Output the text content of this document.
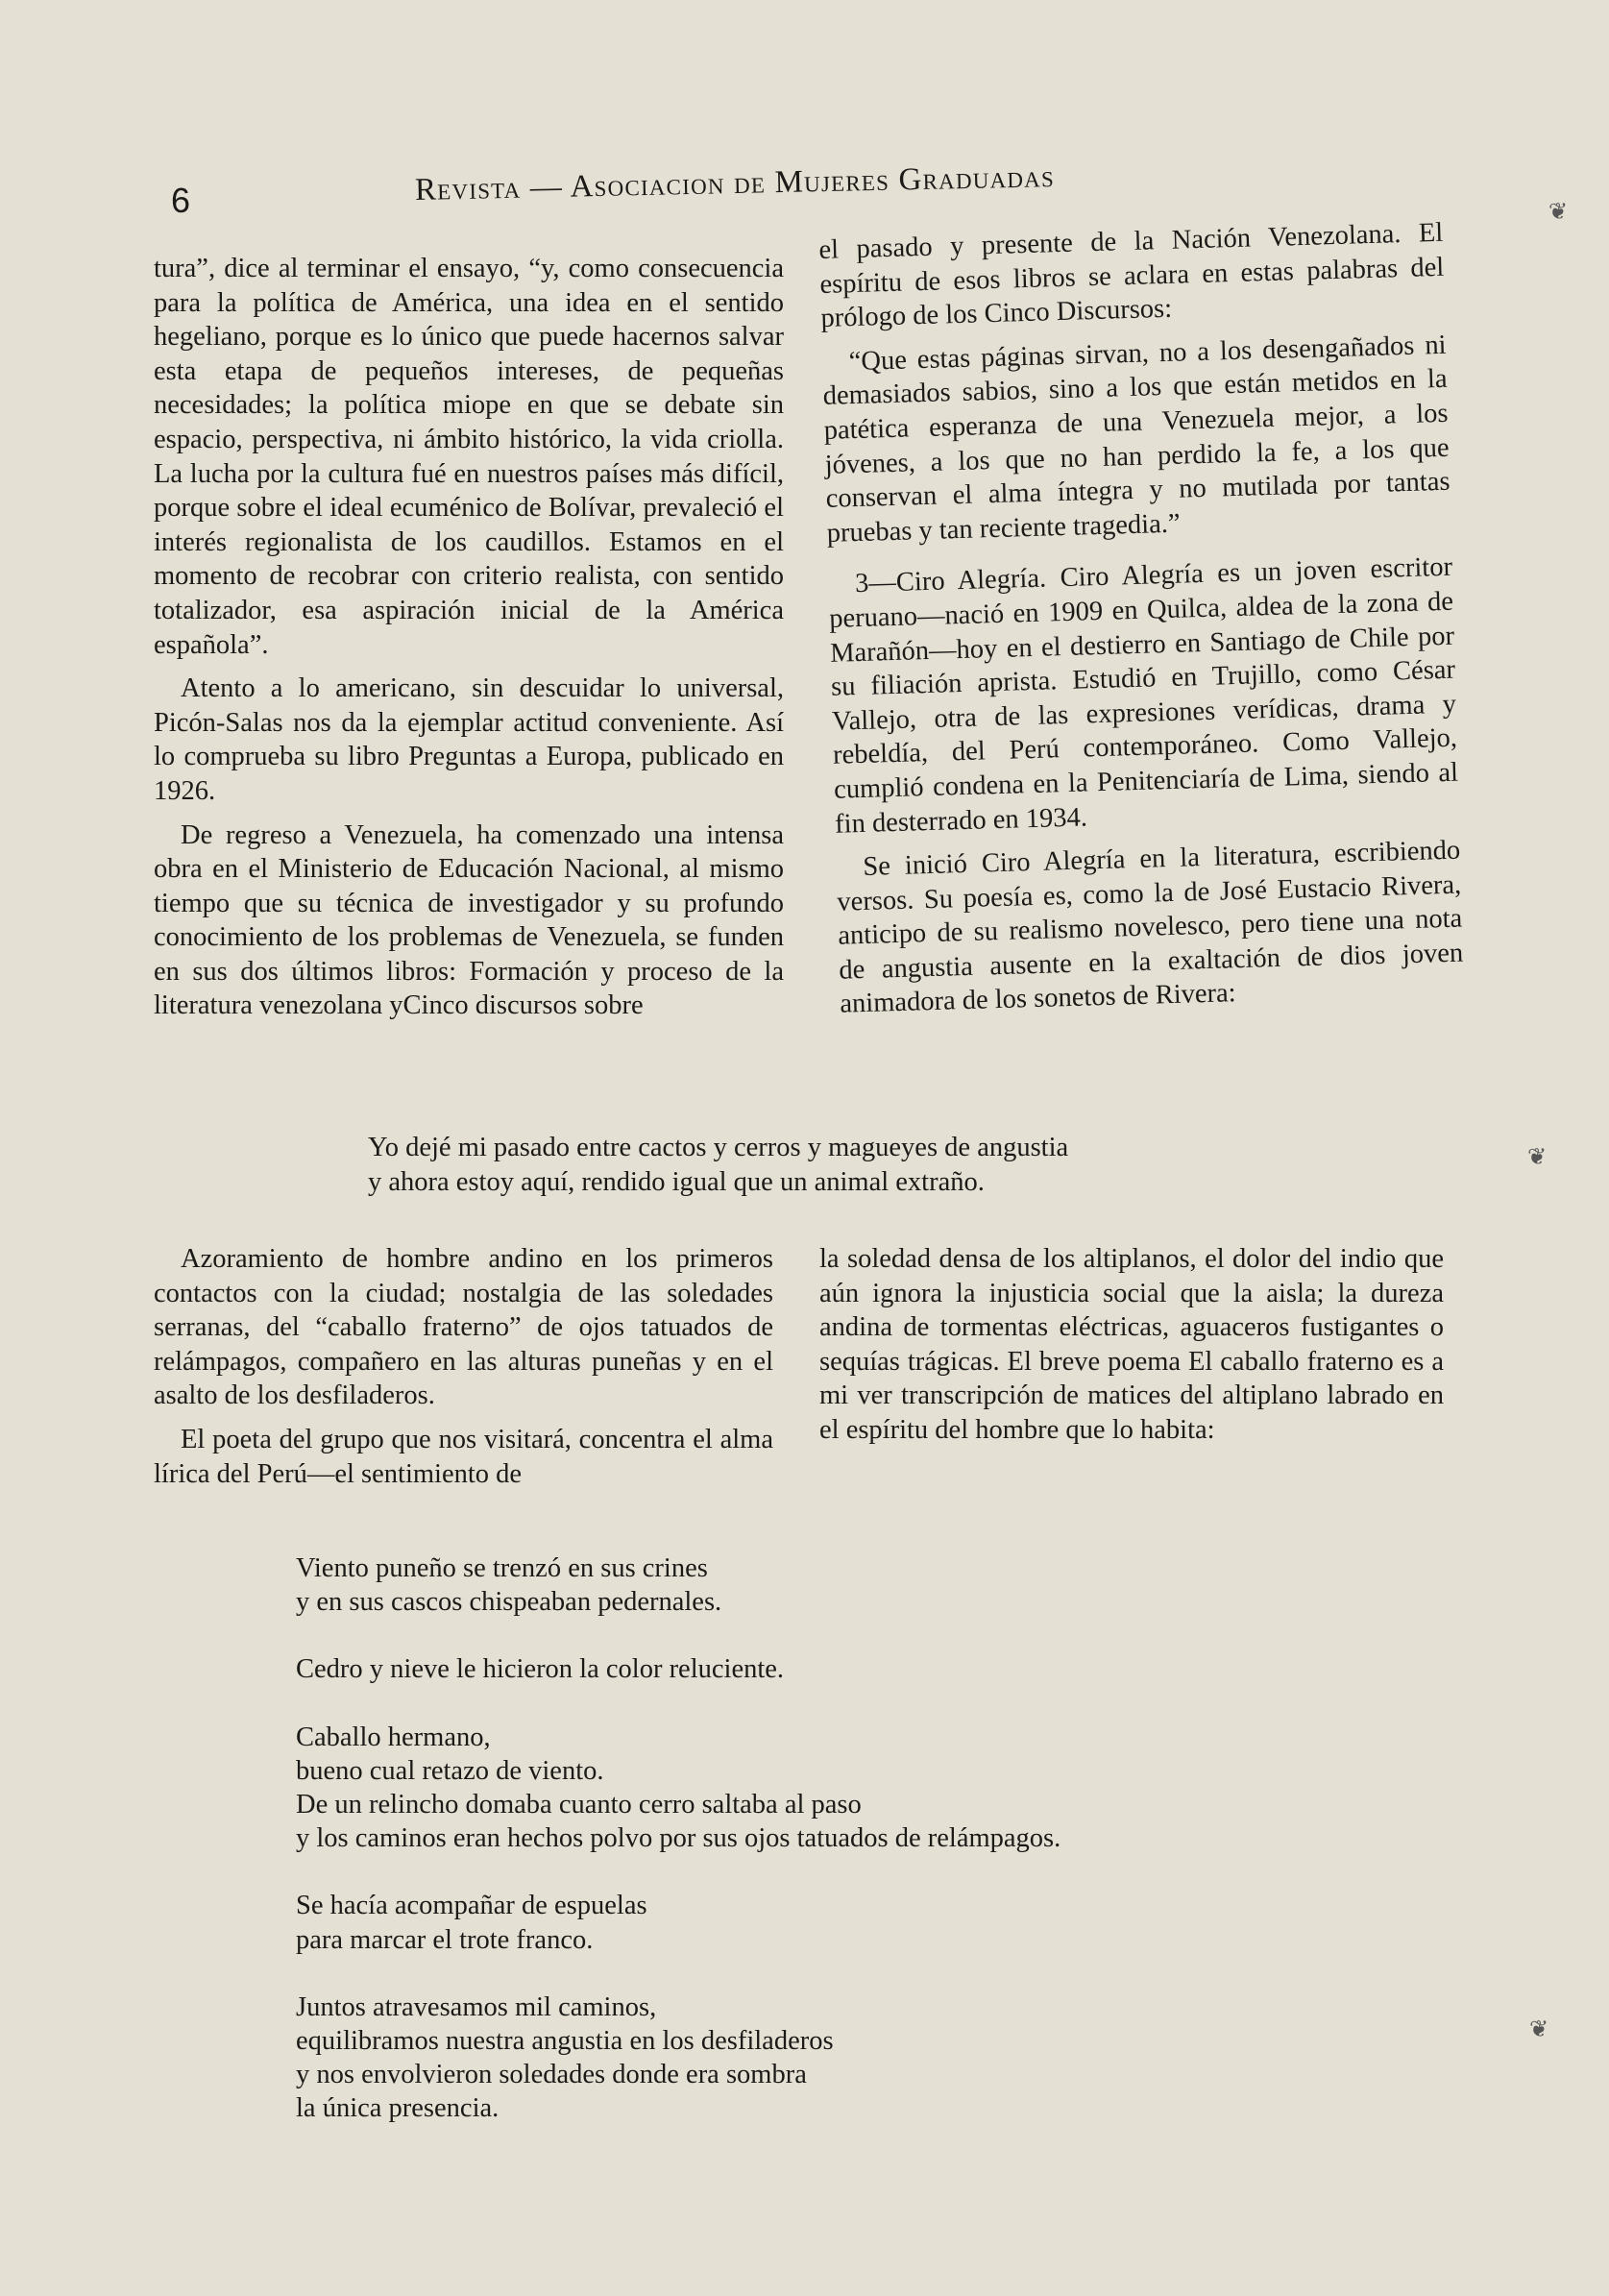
6	Revista — Asociacion de Mujeres Graduadas

tura”, dice al terminar el ensayo, “y, como consecuencia para la política de América, una idea en el sentido hegeliano, porque es lo único que puede hacernos salvar esta etapa de pequeños intereses, de pequeñas necesidades; la política miope en que se debate sin espacio, perspectiva, ni ámbito histórico, la vida criolla. La lucha por la cultura fué en nuestros países más difícil, porque sobre el ideal ecuménico de Bolívar, prevaleció el interés regionalista de los caudillos. Estamos en el momento de recobrar con criterio realista, con sentido totalizador, esa aspiración inicial de la América española”.

Atento a lo americano, sin descuidar lo universal, Picón-Salas nos da la ejemplar actitud conveniente. Así lo comprueba su libro Preguntas a Europa, publicado en 1926.

De regreso a Venezuela, ha comenzado una intensa obra en el Ministerio de Educación Nacional, al mismo tiempo que su técnica de investigador y su profundo conocimiento de los problemas de Venezuela, se funden en sus dos últimos libros: Formación y proceso de la literatura venezolana yCinco discursos sobre

el pasado y presente de la Nación Venezolana. El espíritu de esos libros se aclara en estas palabras del prólogo de los Cinco Discursos:

“Que estas páginas sirvan, no a los desengañados ni demasiados sabios, sino a los que están metidos en la patética esperanza de una Venezuela mejor, a los jóvenes, a los que no han perdido la fe, a los que conservan el alma íntegra y no mutilada por tantas pruebas y tan reciente tragedia.”

3—Ciro Alegría. Ciro Alegría es un joven escritor peruano—nació en 1909 en Quilca, aldea de la zona de Marañón—hoy en el destierro en Santiago de Chile por su filiación aprista. Estudió en Trujillo, como César Vallejo, otra de las expresiones verídicas, drama y rebeldía, del Perú contemporáneo. Como Vallejo, cumplió condena en la Penitenciaría de Lima, siendo al fin desterrado en 1934.

Se inició Ciro Alegría en la literatura, escribiendo versos. Su poesía es, como la de José Eustacio Rivera, anticipo de su realismo novelesco, pero tiene una nota de angustia ausente en la exaltación de dios joven animadora de los sonetos de Rivera:

Yo dejé mi pasado entre cactos y cerros y magueyes de angustia
y ahora estoy aquí, rendido igual que un animal extraño.

Azoramiento de hombre andino en los primeros contactos con la ciudad; nostalgia de las soledades serranas, del “caballo fraterno” de ojos tatuados de relámpagos, compañero en las alturas puneñas y en el asalto de los desfiladeros.

El poeta del grupo que nos visitará, concentra el alma lírica del Perú—el sentimiento de

la soledad densa de los altiplanos, el dolor del indio que aún ignora la injusticia social que la aisla; la dureza andina de tormentas eléctricas, aguaceros fustigantes o sequías trágicas. El breve poema El caballo fraterno es a mi ver transcripción de matices del altiplano labrado en el espíritu del hombre que lo habita:

Viento puneño se trenzó en sus crines
y en sus cascos chispeaban pedernales.
Cedro y nieve le hicieron la color reluciente.
Caballo hermano,
bueno cual retazo de viento.
De un relincho domaba cuanto cerro saltaba al paso
y los caminos eran hechos polvo por sus ojos tatuados de relámpagos.
Se hacía acompañar de espuelas
para marcar el trote franco.
Juntos atravesamos mil caminos,
equilibramos nuestra angustia en los desfiladeros
y nos envolvieron soledades donde era sombra
la única presencia.
❦
❦
❦
